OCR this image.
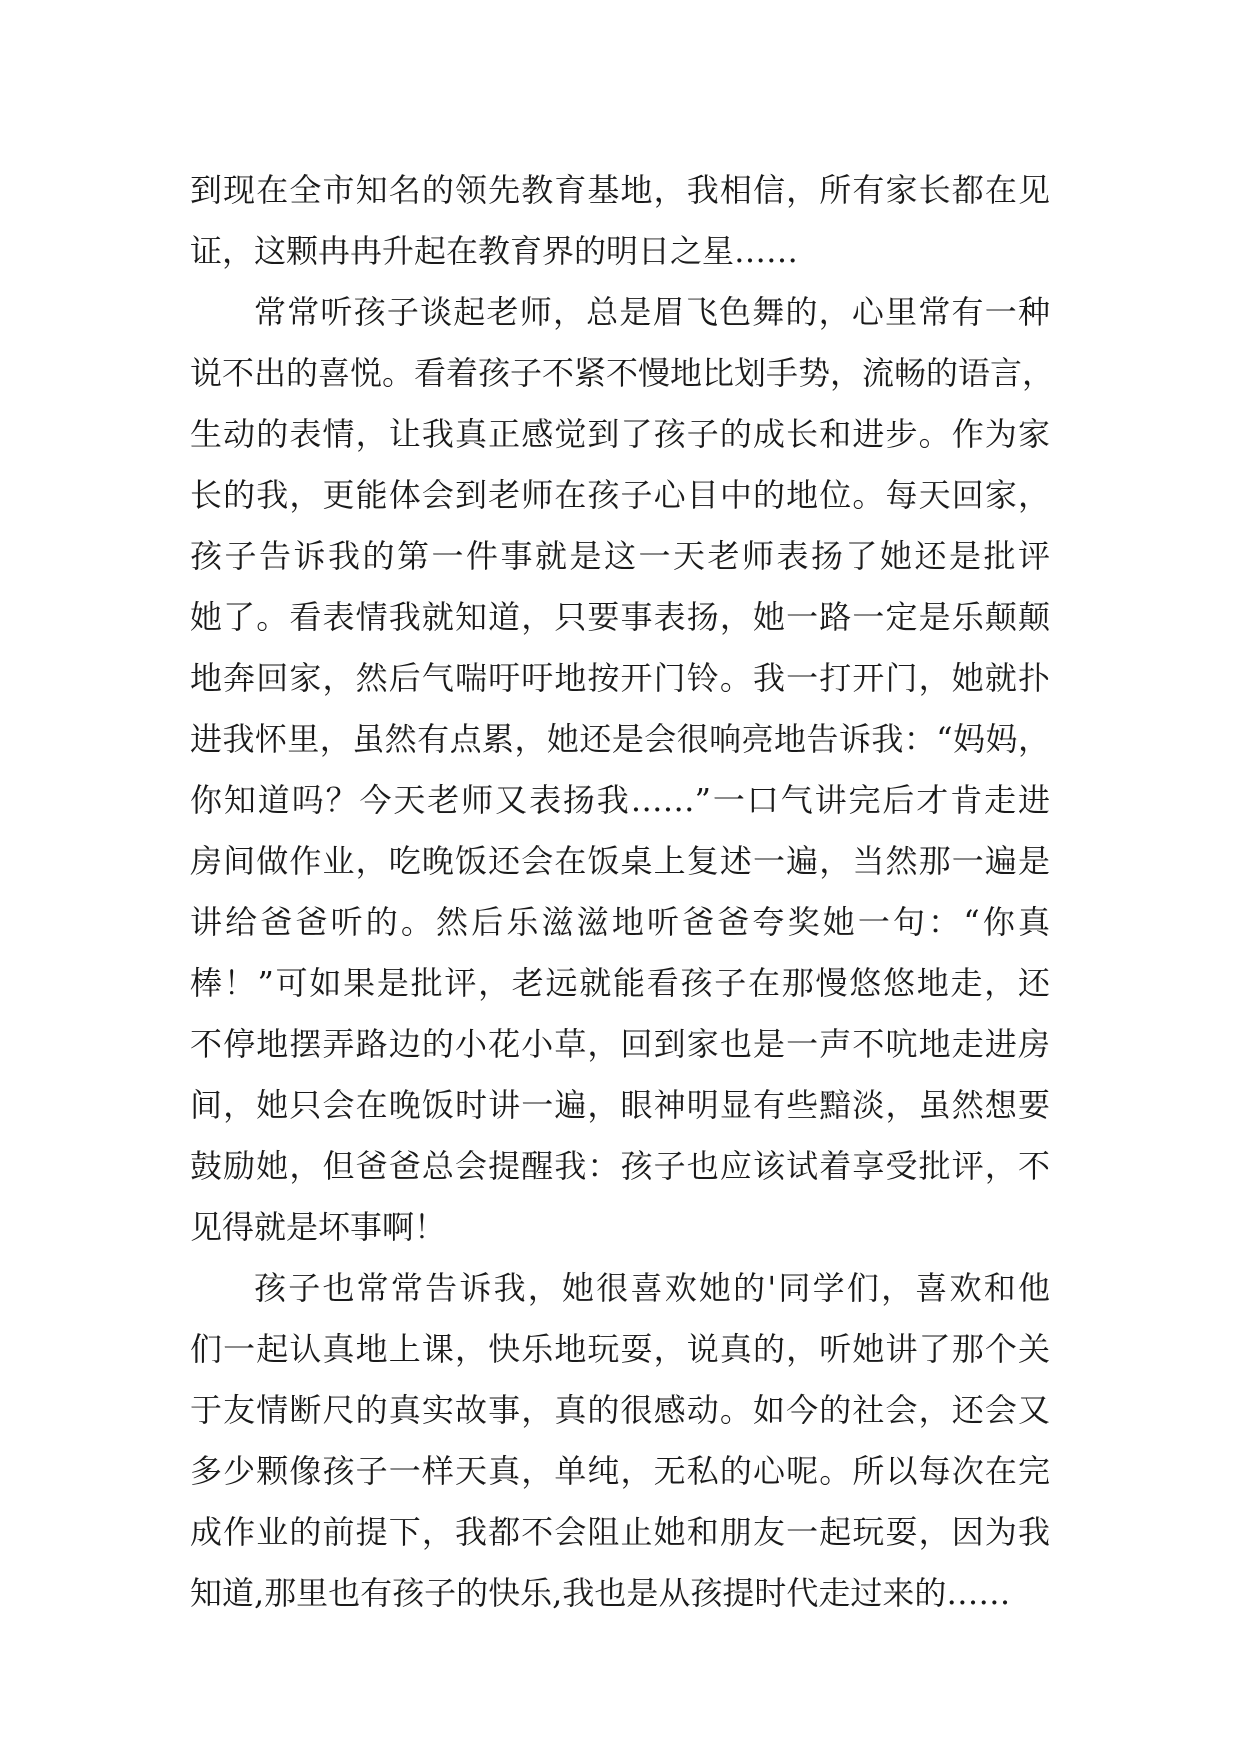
到现在全市知名的领先教育基地，我相信，所有家长都在见
证，这颗冉冉升起在教育界的明日之星……
常常听孩子谈起老师，总是眉飞色舞的，心里常有一种
说不出的喜悦。看着孩子不紧不慢地比划手势，流畅的语言，
生动的表情，让我真正感觉到了孩子的成长和进步。作为家
长的我，更能体会到老师在孩子心目中的地位。每天回家，
孩子告诉我的第一件事就是这一天老师表扬了她还是批评
她了。看表情我就知道，只要事表扬，她一路一定是乐颠颠
地奔回家，然后气喘吁吁地按开门铃。我一打开门，她就扑
进我怀里，虽然有点累，她还是会很响亮地告诉我：“妈妈，
你知道吗？今天老师又表扬我……”一口气讲完后才肯走进
房间做作业，吃晚饭还会在饭桌上复述一遍，当然那一遍是
讲给爸爸听的。然后乐滋滋地听爸爸夸奖她一句：“你真
棒！”可如果是批评，老远就能看孩子在那慢悠悠地走，还
不停地摆弄路边的小花小草，回到家也是一声不吭地走进房
间，她只会在晚饭时讲一遍，眼神明显有些黯淡，虽然想要
鼓励她，但爸爸总会提醒我：孩子也应该试着享受批评，不
见得就是坏事啊！
孩子也常常告诉我，她很喜欢她的'同学们，喜欢和他
们一起认真地上课，快乐地玩耍，说真的，听她讲了那个关
于友情断尺的真实故事，真的很感动。如今的社会，还会又
多少颗像孩子一样天真，单纯，无私的心呢。所以每次在完
成作业的前提下，我都不会阻止她和朋友一起玩耍，因为我
知道,那里也有孩子的快乐,我也是从孩提时代走过来的……
